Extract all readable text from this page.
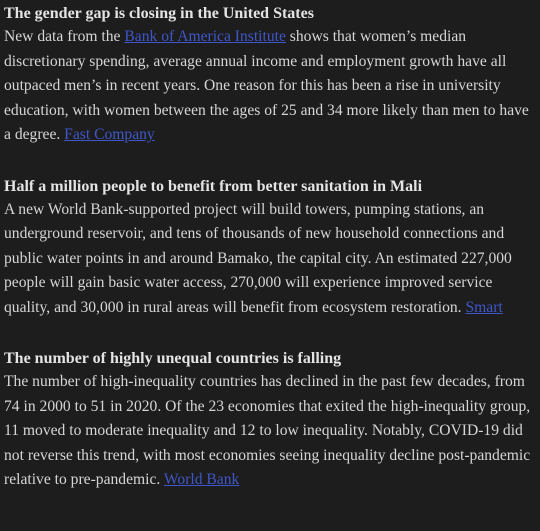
The gender gap is closing in the United States

New data from the Bank of America Institute shows that women’s median discretionary spending, average annual income and employment growth have all outpaced men’s in recent years. One reason for this has been a rise in university education, with women between the ages of 25 and 34 more likely than men to have a degree. Fast Company

Half a million people to benefit from better sanitation in Mali

A new World Bank-supported project will build towers, pumping stations, an underground reservoir, and tens of thousands of new household connections and public water points in and around Bamako, the capital city. An estimated 227,000 people will gain basic water access, 270,000 will experience improved service quality, and 30,000 in rural areas will benefit from ecosystem restoration. Smart

The number of highly unequal countries is falling

The number of high-inequality countries has declined in the past few decades, from 74 in 2000 to 51 in 2020. Of the 23 economies that exited the high-inequality group, 11 moved to moderate inequality and 12 to low inequality. Notably, COVID-19 did not reverse this trend, with most economies seeing inequality decline post-pandemic relative to pre-pandemic. World Bank
